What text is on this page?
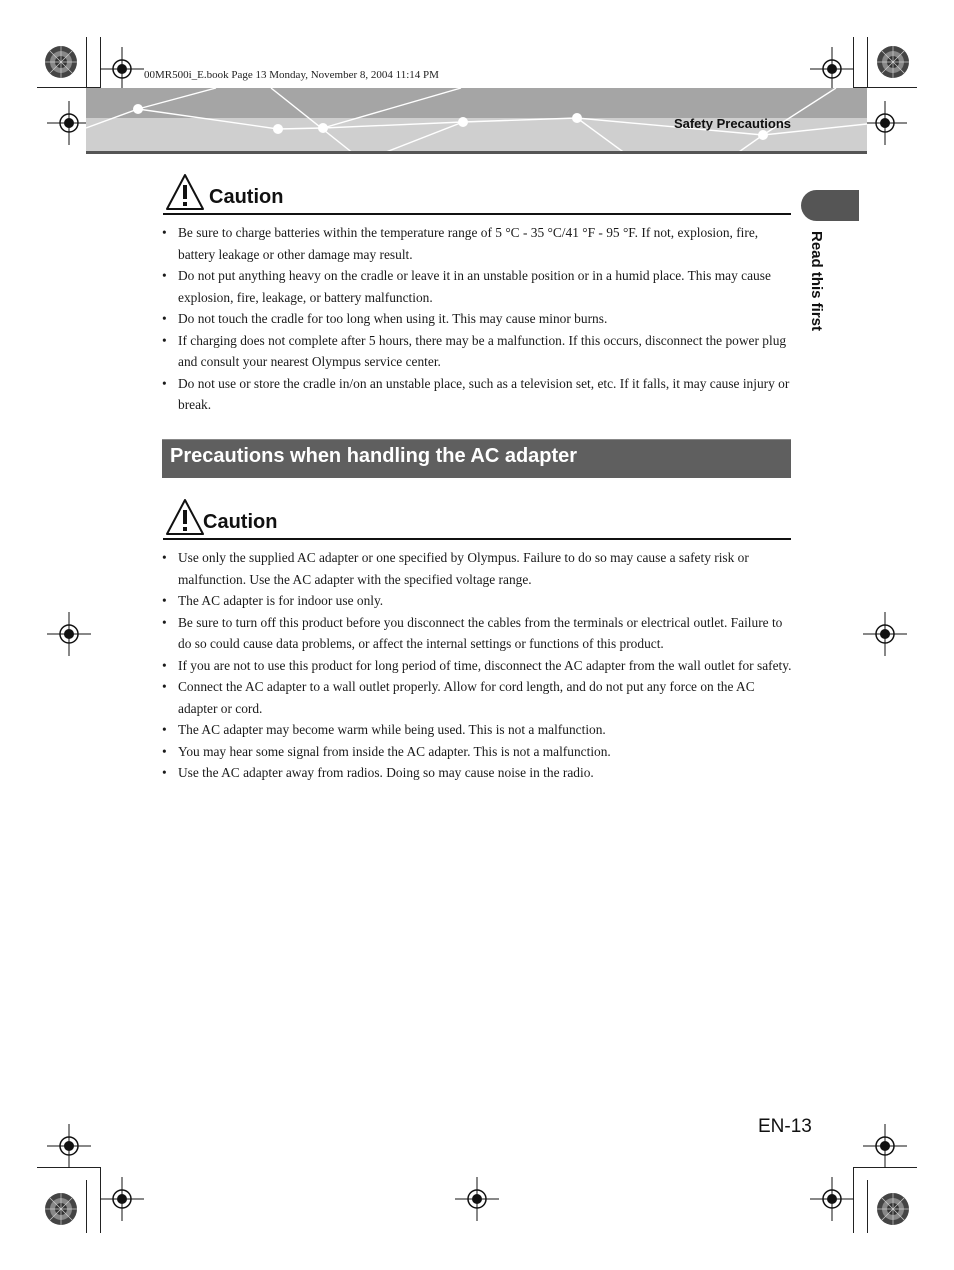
00MR500i_E.book Page 13 Monday, November 8, 2004 11:14 PM
Safety Precautions
Read this first
Caution
• Be sure to charge batteries within the temperature range of 5 °C - 35 °C/41 °F - 95 °F. If not, explosion, fire, battery leakage or other damage may result.
• Do not put anything heavy on the cradle or leave it in an unstable position or in a humid place. This may cause explosion, fire, leakage, or battery malfunction.
• Do not touch the cradle for too long when using it. This may cause minor burns.
• If charging does not complete after 5 hours, there may be a malfunction. If this occurs, disconnect the power plug and consult your nearest Olympus service center.
• Do not use or store the cradle in/on an unstable place, such as a television set, etc. If it falls, it may cause injury or break.
Precautions when handling the AC adapter
Caution
• Use only the supplied AC adapter or one specified by Olympus. Failure to do so may cause a safety risk or malfunction. Use the AC adapter with the specified voltage range.
• The AC adapter is for indoor use only.
• Be sure to turn off this product before you disconnect the cables from the terminals or electrical outlet. Failure to do so could cause data problems, or affect the internal settings or functions of this product.
• If you are not to use this product for long period of time, disconnect the AC adapter from the wall outlet for safety.
• Connect the AC adapter to a wall outlet properly. Allow for cord length, and do not put any force on the AC adapter or cord.
• The AC adapter may become warm while being used. This is not a malfunction.
• You may hear some signal from inside the AC adapter. This is not a malfunction.
• Use the AC adapter away from radios. Doing so may cause noise in the radio.
EN-13
